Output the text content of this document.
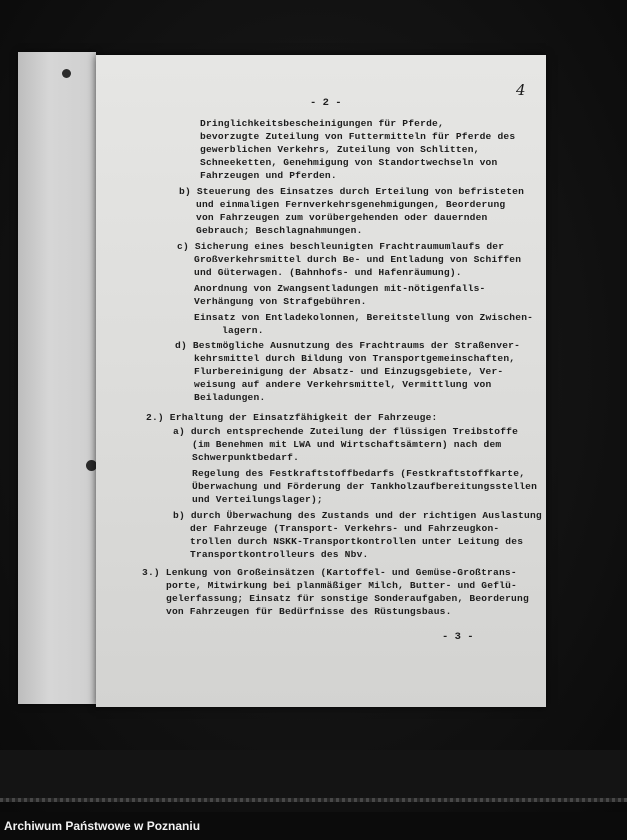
- 2 -
4
Dringlichkeitsbescheinigungen für Pferde,
bevorzugte Zuteilung von Futtermitteln für Pferde des
gewerblichen Verkehrs, Zuteilung von Schlitten,
Schneeketten, Genehmigung von Standortwechseln von
Fahrzeugen und Pferden.
b) Steuerung des Einsatzes durch Erteilung von befristeten
und einmaligen Fernverkehrsgenehmigungen, Beorderung
von Fahrzeugen zum vorübergehenden oder dauernden
Gebrauch; Beschlagnahmungen.
c) Sicherung eines beschleunigten Frachtraumumlaufs der
Großverkehrsmittel durch Be- und Entladung von Schiffen
und Güterwagen. (Bahnhofs- und Hafenräumung).
Anordnung von Zwangsentladungen mit-nötigenfalls-
Verhängung von Strafgebühren.
Einsatz von Entladekolonnen, Bereitstellung von Zwischen-
lagern.
d) Bestmögliche Ausnutzung des Frachtraums der Straßenver-
kehrsmittel durch Bildung von Transportgemeinschaften,
Flurbereinigung der Absatz- und Einzugsgebiete, Ver-
weisung auf andere Verkehrsmittel, Vermittlung von
Beiladungen.
2.) Erhaltung der Einsatzfähigkeit der Fahrzeuge:
a) durch entsprechende Zuteilung der flüssigen Treibstoffe
(im Benehmen mit LWA und Wirtschaftsämtern) nach dem
Schwerpunktbedarf.
Regelung des Festkraftstoffbedarfs (Festkraftstoffkarte,
Überwachung und Förderung der Tankholzaufbereitungsstellen
und Verteilungslager);
b) durch Überwachung des Zustands und der richtigen Auslastung
der Fahrzeuge (Transport- Verkehrs- und Fahrzeugkon-
trollen durch NSKK-Transportkontrollen unter Leitung des
Transportkontrolleurs des Nbv.
3.) Lenkung von Großeinsätzen (Kartoffel- und Gemüse-Großtrans-
porte, Mitwirkung bei planmäßiger Milch, Butter- und Geflü-
gelerfassung; Einsatz für sonstige Sonderaufgaben, Beorderung
von Fahrzeugen für Bedürfnisse des Rüstungsbaus.
- 3 -
Archiwum Państwowe w Poznaniu
